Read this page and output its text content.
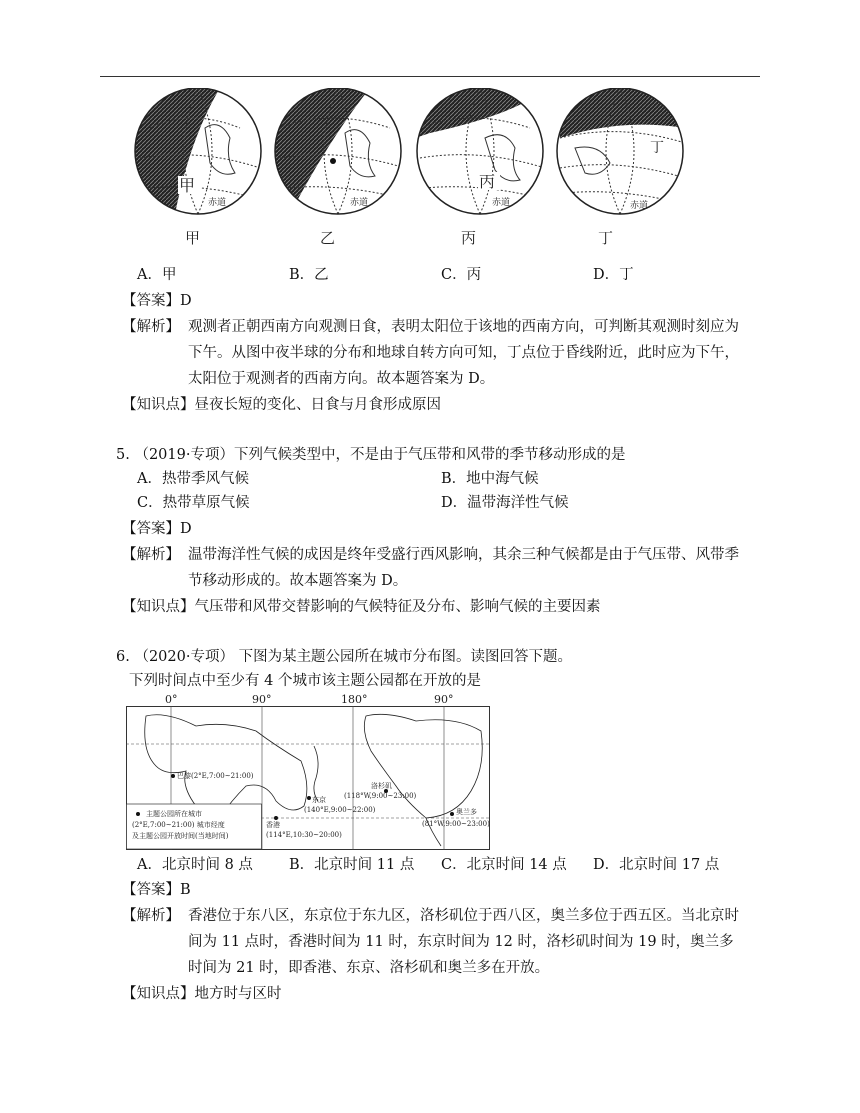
甲
赤道	赤道
丙
赤道
丁
赤道
甲	乙	丙	丁
A．甲	B．乙	C．丙	D．丁
【答案】D
【解析】 观测者正朝西南方向观测日食，表明太阳位于该地的西南方向，可判断其观测时刻应为
下午。从图中夜半球的分布和地球自转方向可知，丁点位于昏线附近，此时应为下午，
太阳位于观测者的西南方向。故本题答案为 D。
【知识点】昼夜长短的变化、日食与月食形成原因
5. （2019·专项）下列气候类型中，不是由于气压带和风带的季节移动形成的是
A．热带季风气候	B．地中海气候
C．热带草原气候	D．温带海洋性气候
【答案】D
【解析】 温带海洋性气候的成因是终年受盛行西风影响，其余三种气候都是由于气压带、风带季
节移动形成的。故本题答案为 D。
【知识点】气压带和风带交替影响的气候特征及分布、影响气候的主要因素
6. （2020·专项） 下图为某主题公园所在城市分布图。读图回答下题。
下列时间点中至少有 4 个城市该主题公园都在开放的是
主题公园所在城市
(2°E,7:00~21:00) 城市经度
及主题公园开放时间(当地时间)
巴黎(2°E,7:00~21:00)
东京
(140°E,9:00~22:00)
香港
(114°E,10:30~20:00)
洛杉矶
(118°W,9:00~23:00)
奥兰多
(81°W,9:00~23:00)
0°	90°	180°	90°
A．北京时间 8 点 B．北京时间 11 点 C．北京时间 14 点 D．北京时间 17 点
【答案】B
【解析】 香港位于东八区，东京位于东九区，洛杉矶位于西八区，奥兰多位于西五区。当北京时
间为 11 点时，香港时间为 11 时，东京时间为 12 时，洛杉矶时间为 19 时，奥兰多
时间为 21 时，即香港、东京、洛杉矶和奥兰多在开放。
【知识点】地方时与区时
